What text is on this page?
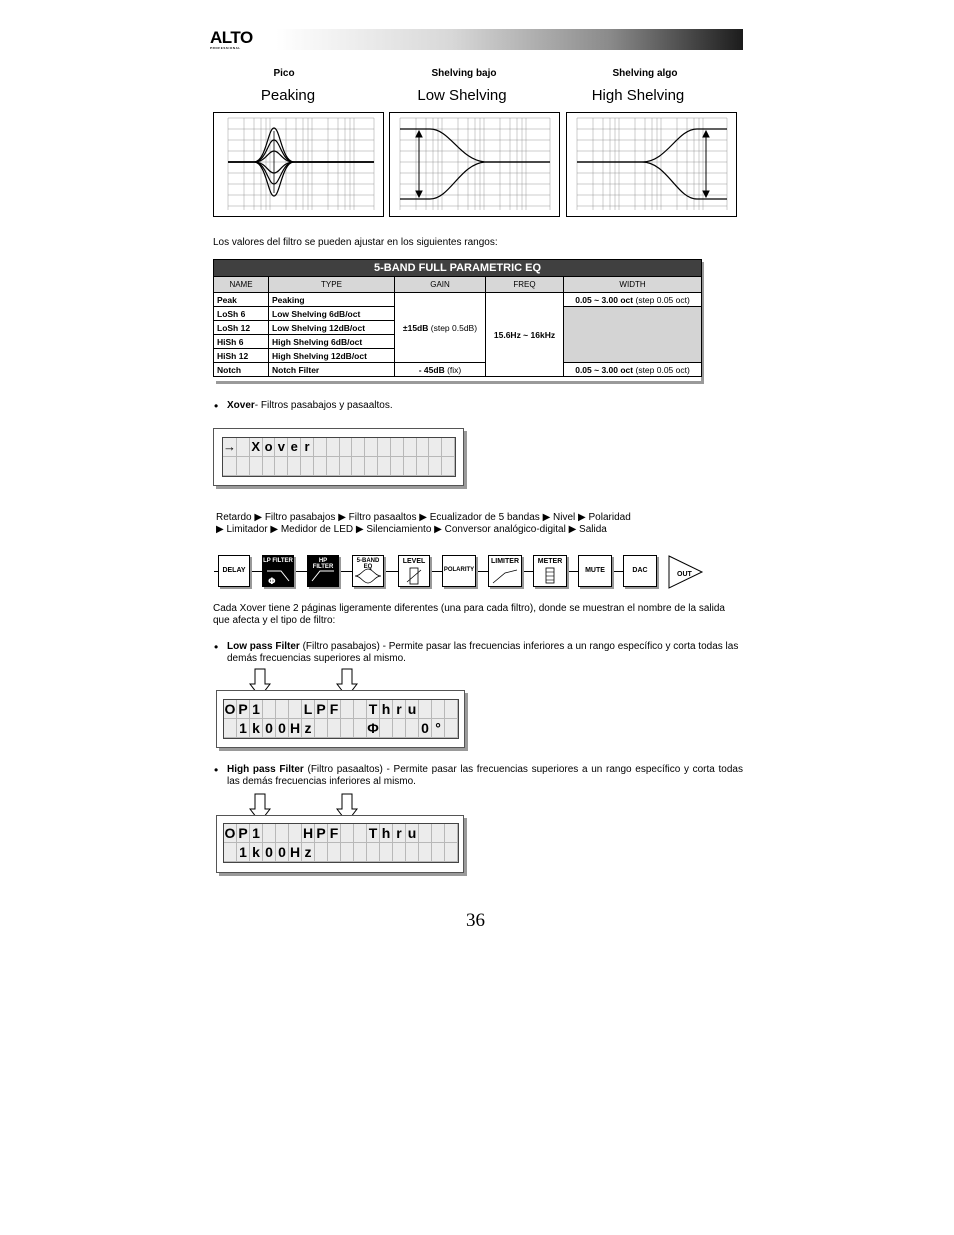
ALTO
PROFESSIONAL
Pico
Peaking
Shelving bajo
Low Shelving
Shelving algo
High Shelving

Los valores del filtro se pueden ajustar en los siguientes rangos:

5-BAND FULL PARAMETRIC EQ				
NAME	TYPE	GAIN	FREQ	WIDTH
Peak	Peaking	±15dB (step 0.5dB)	15.6Hz ~ 16kHz	0.05 ~ 3.00 oct (step 0.05 oct)
LoSh 6	Low Shelving 6dB/oct			
LoSh 12	Low Shelving 12dB/oct			
HiSh 6	High Shelving 6dB/oct			
HiSh 12	High Shelving 12dB/oct			
Notch	Notch Filter	- 45dB (fix)		0.05 ~ 3.00 oct (step 0.05 oct)
• Xover- Filtros pasabajos y pasaaltos.

→ X o v e r

Retardo ▶ Filtro pasabajos ▶ Filtro pasaaltos ▶ Ecualizador de 5 bandas ▶ Nivel ▶ Polaridad

▶ Limitador ▶ Medidor de LED ▶ Silenciamiento ▶ Conversor analógico-digital ▶ Salida

DELAY
LP FILTER
Φ
HP FILTER
5-BAND EQ
LEVEL
POLARITY
LIMITER	METER
MUTE	DAC
OUT

Cada Xover tiene 2 páginas ligeramente diferentes (una para cada filtro), donde se muestran el nombre de la salida que afecta y el tipo de filtro:

• Low pass Filter (Filtro pasabajos) - Permite pasar las frecuencias inferiores a un rango específico y corta todas las demás frecuencias superiores al mismo.

O P 1	L P F T h r u
1 k 0 0 H z	Φ	0 °
• High pass Filter (Filtro pasaaltos) - Permite pasar las frecuencias superiores a un rango específico y corta todas las demás frecuencias inferiores al mismo.

O P 1	H P F T h r u
1 k 0 0 H z
36
